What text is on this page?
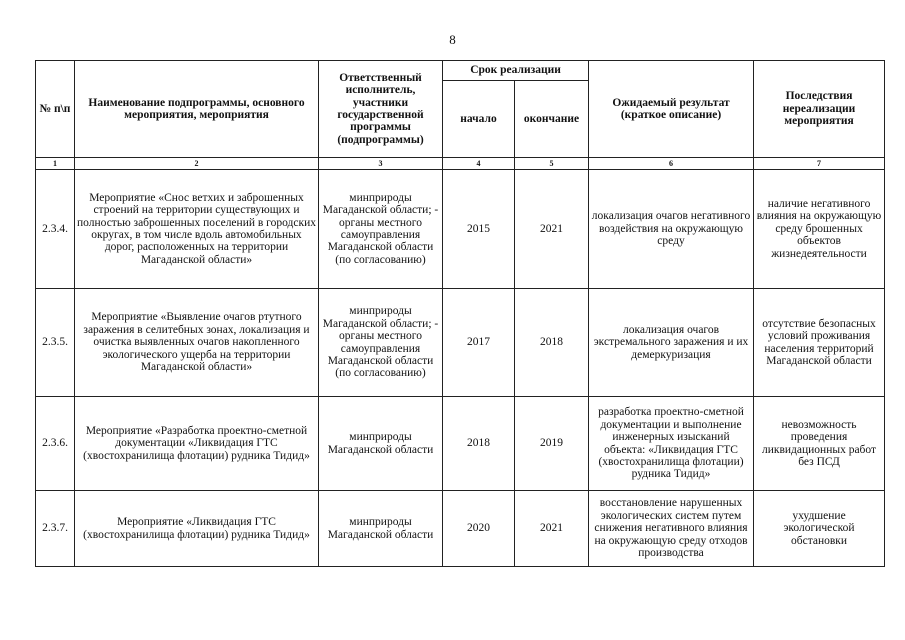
8
№ п\п	Наименование подпрограммы, основного мероприятия, мероприятия	Ответственный исполнитель, участники государственной программы (подпрограммы)	Срок реализации		Ожидаемый результат (краткое описание)	Последствия нереализации мероприятия
			начало	окончание		
1	2	3	4	5	6	7
2.3.4.	Мероприятие «Снос ветхих и заброшенных строений на территории существующих и полностью заброшенных поселений в городских округах, в том числе вдоль автомобильных дорог, расположенных на территории Магаданской области»	минприроды Магаданской области; - органы местного самоуправления Магаданской области (по согласованию)	2015	2021	локализация очагов негативного воздействия на окружающую среду	наличие негативного влияния на окружающую среду брошенных объектов жизнедеятельности
2.3.5.	Мероприятие «Выявление очагов ртутного заражения в селитебных зонах, локализация и очистка выявленных очагов накопленного экологического ущерба на территории Магаданской области»	минприроды Магаданской области; - органы местного самоуправления Магаданской области (по согласованию)	2017	2018	локализация очагов экстремального заражения и их демеркуризация	отсутствие безопасных условий проживания населения территорий Магаданской области
2.3.6.	Мероприятие «Разработка проектно-сметной документации «Ликвидация ГТС (хвостохранилища флотации) рудника Тидид»	минприроды Магаданской области	2018	2019	разработка проектно-сметной документации и выполнение инженерных изысканий объекта: «Ликвидация ГТС (хвостохранилища флотации) рудника Тидид»	невозможность проведения ликвидационных работ без ПСД
2.3.7.	Мероприятие «Ликвидация ГТС (хвостохранилища флотации) рудника Тидид»	минприроды Магаданской области	2020	2021	восстановление нарушенных экологических систем путем снижения негативного влияния на окружающую среду отходов производства	ухудшение экологической обстановки
